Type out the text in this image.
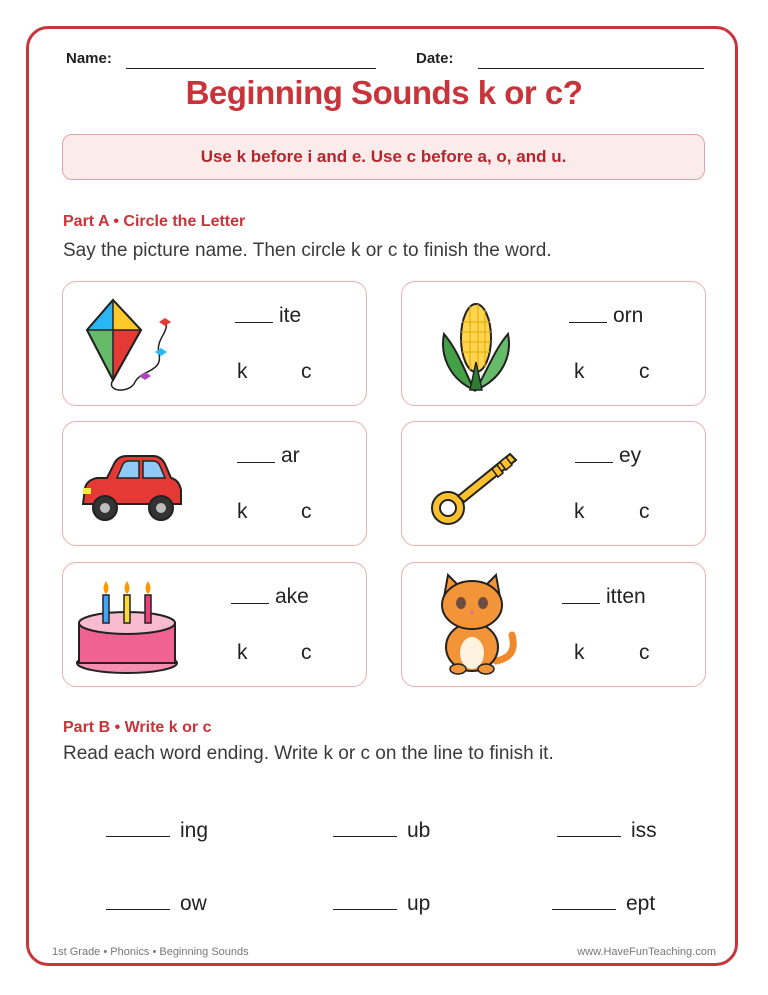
Name:	Date:
Beginning Sounds k or c?
Use k before i and e. Use c before a, o, and u.
Part A • Circle the Letter
Say the picture name. Then circle k or c to finish the word.
ite
k	c
orn
k	c
ar
k	c
ey
k	c
ake
k	c
itten
k	c
Part B • Write k or c
Read each word ending. Write k or c on the line to finish it.
ing	ub	iss
ow	up	ept
1st Grade • Phonics • Beginning Sounds	www.HaveFunTeaching.com
